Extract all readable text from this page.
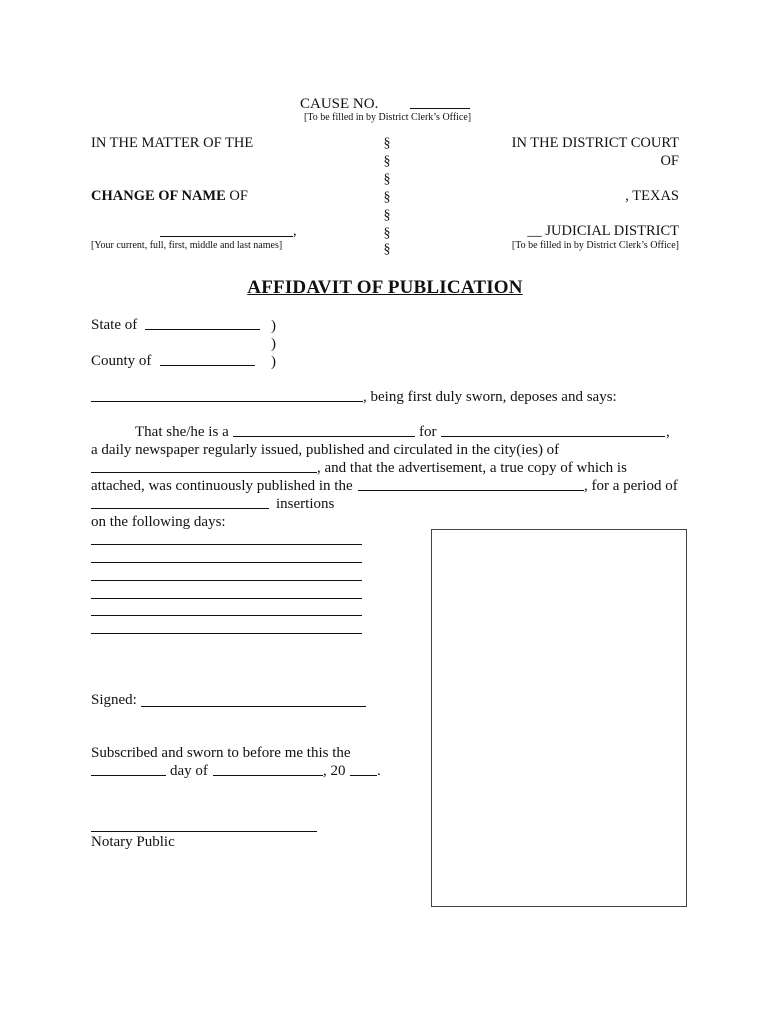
CAUSE NO.
[To be filled in by District Clerk’s Office]
IN THE MATTER OF THE
CHANGE OF NAME OF
,
[Your current, full, first, middle and last names]
§
§
§
§
§
§
§
IN THE DISTRICT COURT
OF
, TEXAS
__ JUDICIAL DISTRICT
[To be filled in by District Clerk’s Office]
AFFIDAVIT OF PUBLICATION
State of	)
)
County of	)
, being first duly sworn, deposes and says:
That she/he is a	for	,
a daily newspaper regularly issued, published and circulated in the city(ies) of
, and that the advertisement, a true copy of which is
attached, was continuously published in the	, for a period of
insertions
on the following days:
Signed:
Subscribed and sworn to before me this the
day of	, 20 .
Notary Public
